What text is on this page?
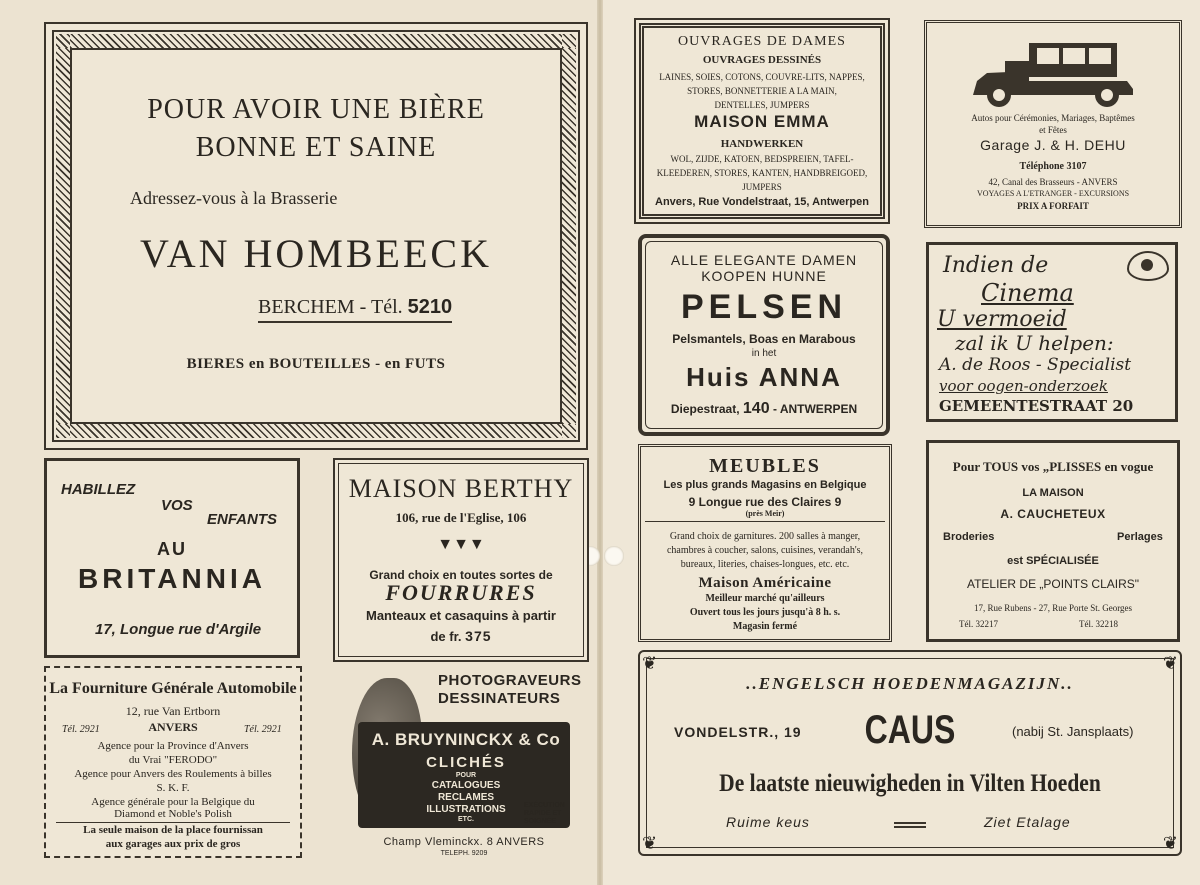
POUR AVOIR UNE BIÈRE
BONNE ET SAINE
Adressez-vous à la Brasserie
VAN HOMBEECK
BERCHEM - Tél. 5210
BIERES en BOUTEILLES - en FUTS
HABILLEZ
VOS
ENFANTS
AU
BRITANNIA
17, Longue rue d'Argile
MAISON BERTHY
106, rue de l'Eglise, 106
▼▼▼
Grand choix en toutes sortes de
FOURRURES
Manteaux et casaquins à partir
de fr. 375
La Fourniture Générale Automobile
12, rue Van Ertborn
Tél. 2921	ANVERS	Tél. 2921
Agence pour la Province d'Anvers
du Vrai "FERODO"
Agence pour Anvers des Roulements à billes
S. K. F.
Agence générale pour la Belgique du
Diamond et Noble's Polish
La seule maison de la place fournissan
aux garages aux prix de gros
PHOTOGRAVEURS
DESSINATEURS
A. BRUYNINCKX & Co
CLICHÉS
POUR
CATALOGUES
RECLAMES
ILLUSTRATIONS
ETC.
EXÉCUTION
RAPIDE ET
SOIGNÉE
Champ Vleminckx. 8 ANVERS
TELEPH. 9209
OUVRAGES DE DAMES
OUVRAGES DESSINÉS
LAINES, SOIES, COTONS, COUVRE-LITS, NAPPES,
STORES, BONNETTERIE A LA MAIN,
DENTELLES, JUMPERS
MAISON EMMA
HANDWERKEN
WOL, ZIJDE, KATOEN, BEDSPREIEN, TAFEL-
KLEEDEREN, STORES, KANTEN, HANDBREIGOED,
JUMPERS
Anvers, Rue Vondelstraat, 15, Antwerpen
Autos pour Cérémonies, Mariages, Baptêmes
et Fêtes
Garage J. & H. DEHU
Téléphone 3107
42, Canal des Brasseurs - ANVERS
VOYAGES A L'ETRANGER - EXCURSIONS
PRIX A FORFAIT
ALLE ELEGANTE DAMEN
KOOPEN HUNNE
PELSEN
Pelsmantels, Boas en Marabous
in het
Huis ANNA
Diepestraat, 140 - ANTWERPEN
Indien de
Cinema
U vermoeid
zal ik U helpen:
A. de Roos - Specialist
voor oogen-onderzoek
GEMEENTESTRAAT 20
MEUBLES
Les plus grands Magasins en Belgique
9 Longue rue des Claires 9
(près Meir)
Grand choix de garnitures. 200 salles à manger,
chambres à coucher, salons, cuisines, verandah's,
bureaux, literies, chaises-longues, etc. etc.
Maison Américaine
Meilleur marché qu'ailleurs
Ouvert tous les jours jusqu'à 8 h. s.
Magasin fermé
Pour TOUS vos „PLISSES en vogue
LA MAISON
A. CAUCHETEUX
Broderies	Perlages
est SPÉCIALISÉE
ATELIER DE „POINTS CLAIRS"
17, Rue Rubens - 27, Rue Porte St. Georges
Tél. 32217	Tél. 32218
❦	❦
❦	❦
..ENGELSCH HOEDENMAGAZIJN..
VONDELSTR., 19	CAUS	(nabij St. Jansplaats)
De laatste nieuwigheden in Vilten Hoeden
Ruime keus	Ziet Etalage
